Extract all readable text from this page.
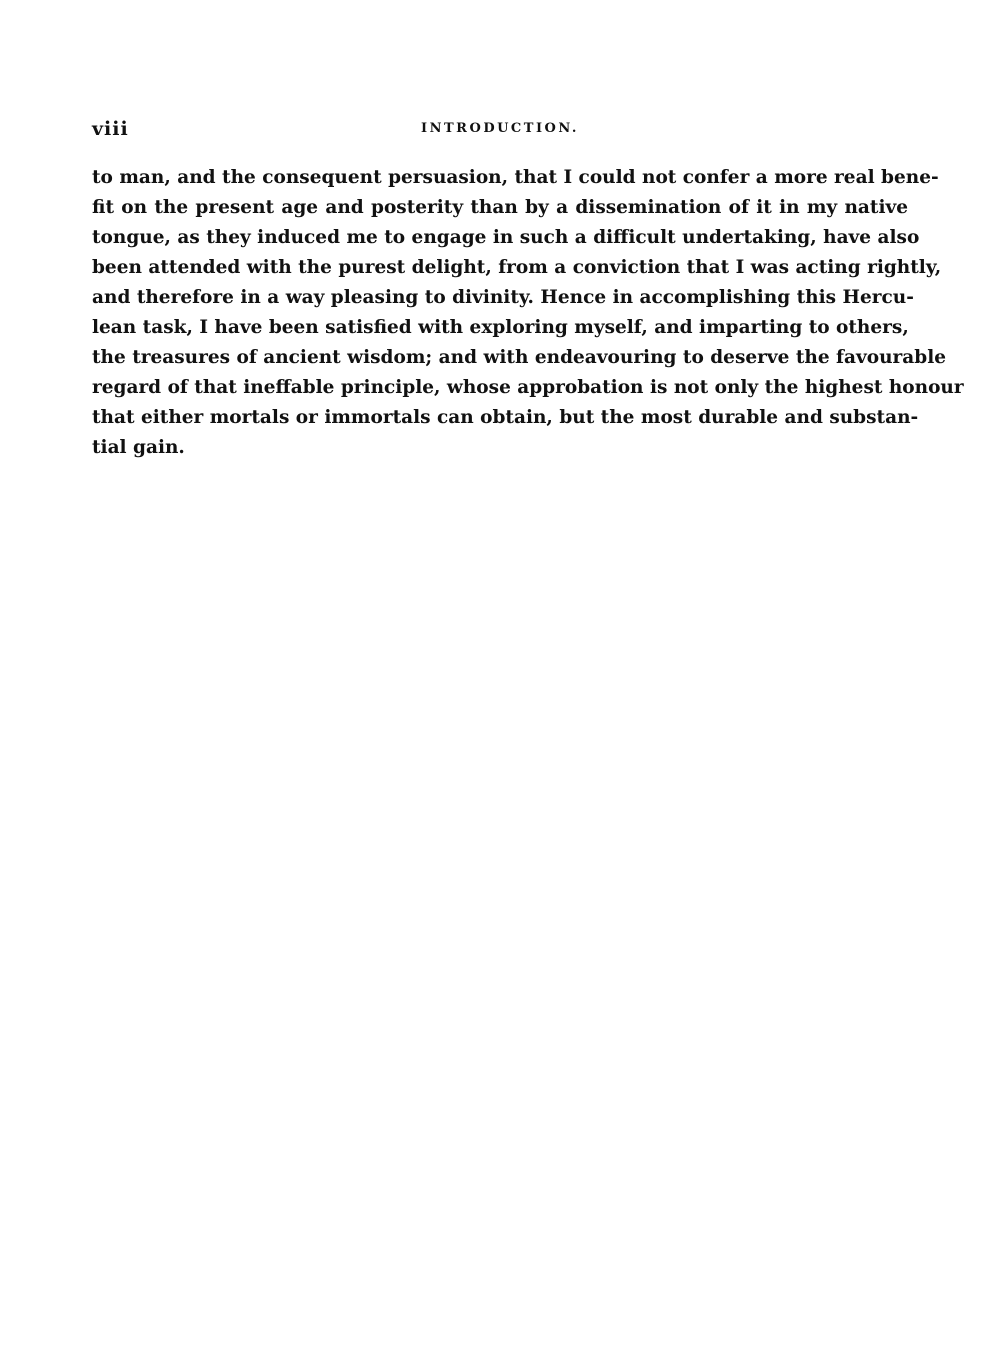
viii	INTRODUCTION.
to man, and the consequent persuasion, that I could not confer a more real bene-
fit on the present age and posterity than by a dissemination of it in my native
tongue, as they induced me to engage in such a difficult undertaking, have also
been attended with the purest delight, from a conviction that I was acting rightly,
and therefore in a way pleasing to divinity. Hence in accomplishing this Hercu-
lean task, I have been satisfied with exploring myself, and imparting to others,
the treasures of ancient wisdom; and with endeavouring to deserve the favourable
regard of that ineffable principle, whose approbation is not only the highest honour
that either mortals or immortals can obtain, but the most durable and substan-
tial gain.
